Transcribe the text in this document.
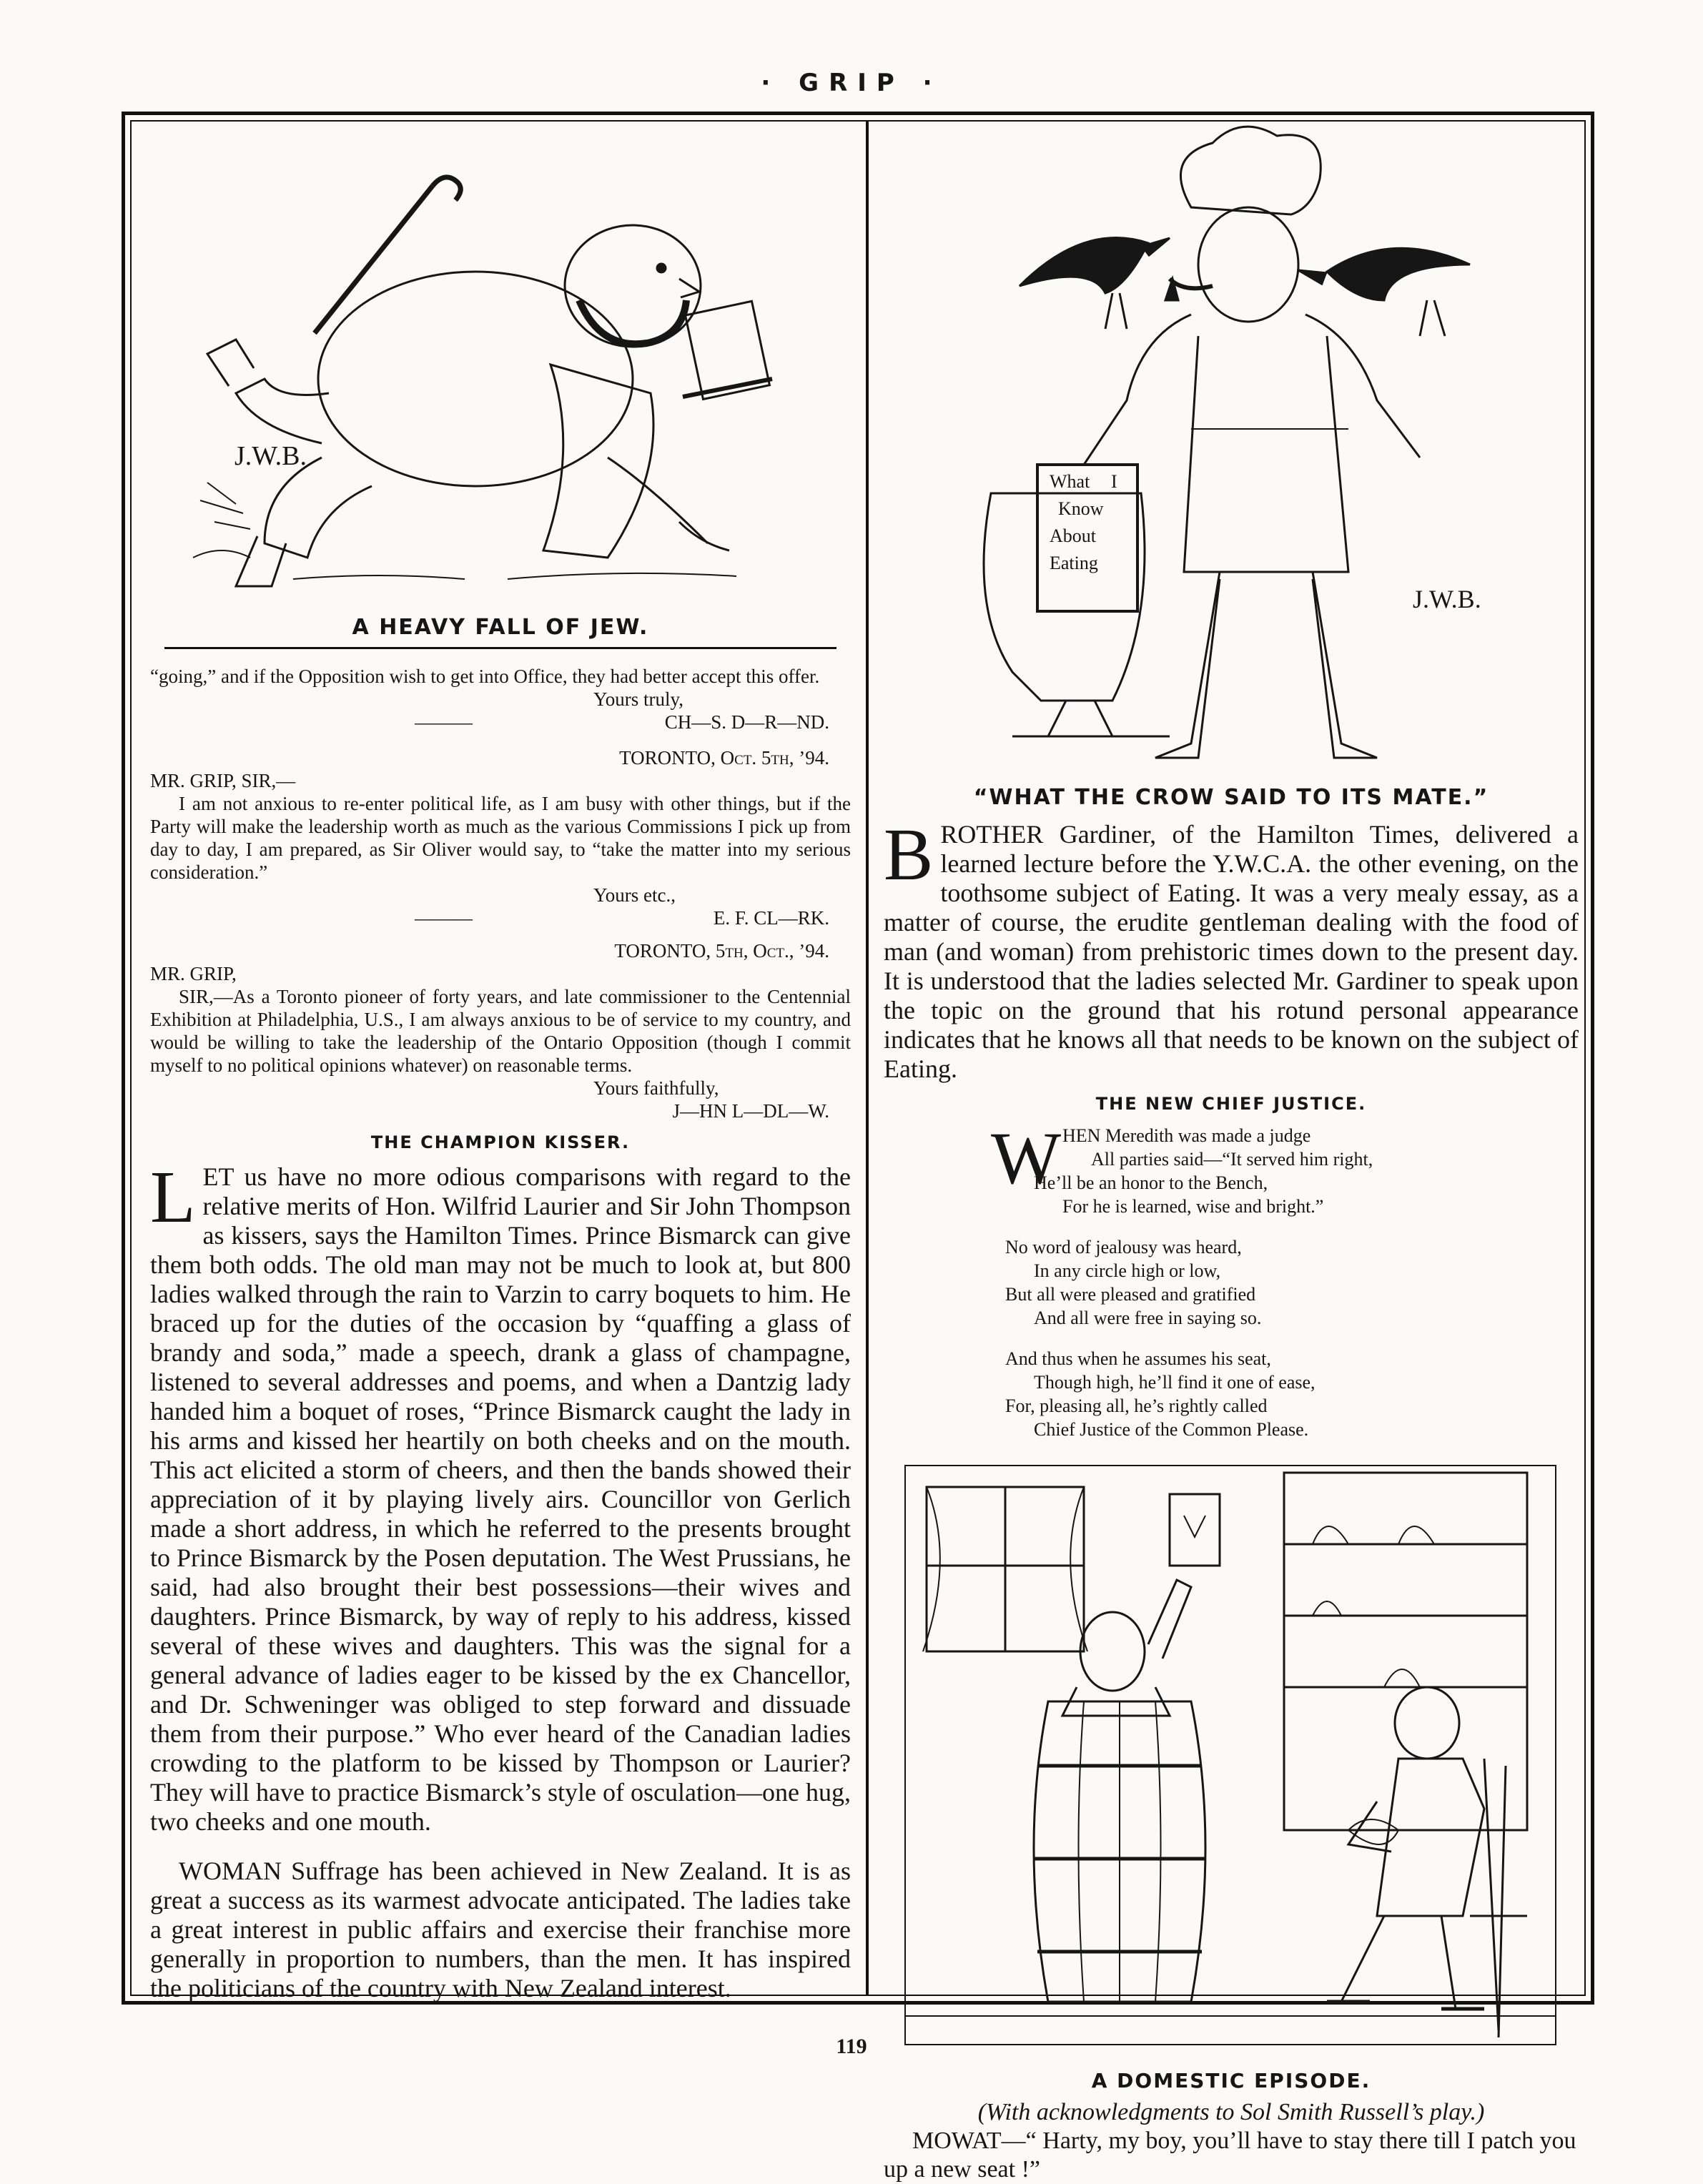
· GRIP ·
J.W.B.
A HEAVY FALL OF JEW.

“going,” and if the Opposition wish to get into Office, they had better accept this offer.

Yours truly,

———	CH—S. D—R—ND.

TORONTO, Oct. 5th, ’94.

MR. GRIP, SIR,—

I am not anxious to re-enter political life, as I am busy with other things, but if the Party will make the leadership worth as much as the various Commissions I pick up from day to day, I am prepared, as Sir Oliver would say, to “take the matter into my serious consideration.”

Yours etc.,

———	E. F. CL—RK.

TORONTO, 5th, Oct., ’94.

MR. GRIP,

SIR,—As a Toronto pioneer of forty years, and late commissioner to the Centennial Exhibition at Philadelphia, U.S., I am always anxious to be of service to my country, and would be willing to take the leadership of the Ontario Opposition (though I commit myself to no political opinions whatever) on reasonable terms.

Yours faithfully,

J—HN L—DL—W.

THE CHAMPION KISSER.
L ET us have no more odious comparisons with regard to the relative merits of Hon. Wilfrid Laurier and Sir John Thompson as kissers, says the Hamilton Times. Prince Bismarck can give them both odds. The old man may not be much to look at, but 800 ladies walked through the rain to Varzin to carry boquets to him. He braced up for the duties of the occasion by “quaffing a glass of brandy and soda,” made a speech, drank a glass of champagne, listened to several addresses and poems, and when a Dantzig lady handed him a boquet of roses, “Prince Bismarck caught the lady in his arms and kissed her heartily on both cheeks and on the mouth. This act elicited a storm of cheers, and then the bands showed their appreciation of it by playing lively airs. Councillor von Gerlich made a short address, in which he referred to the presents brought to Prince Bismarck by the Posen deputation. The West Prussians, he said, had also brought their best possessions—their wives and daughters. Prince Bismarck, by way of reply to his address, kissed several of these wives and daughters. This was the signal for a general advance of ladies eager to be kissed by the ex Chancellor, and Dr. Schweninger was obliged to step forward and dissuade them from their purpose.” Who ever heard of the Canadian ladies crowding to the platform to be kissed by Thompson or Laurier? They will have to practice Bismarck’s style of osculation—one hug, two cheeks and one mouth.

WOMAN Suffrage has been achieved in New Zealand. It is as great a success as its warmest advocate anticipated. The ladies take a great interest in public affairs and exercise their franchise more generally in proportion to numbers, than the men. It has inspired the politicians of the country with New Zealand interest.

What I
Know
About
Eating
J.W.B.
“WHAT THE CROW SAID TO ITS MATE.”
B ROTHER Gardiner, of the Hamilton Times, delivered a learned lecture before the Y.W.C.A. the other evening, on the toothsome subject of Eating. It was a very mealy essay, as a matter of course, the erudite gentleman dealing with the food of man (and woman) from prehistoric times down to the present day. It is understood that the ladies selected Mr. Gardiner to speak upon the topic on the ground that his rotund personal appearance indicates that he knows all that needs to be known on the subject of Eating.

THE NEW CHIEF JUSTICE.
W HEN Meredith was made a judge
All parties said—“It served him right,
He’ll be an honor to the Bench,
For he is learned, wise and bright.”
No word of jealousy was heard,
In any circle high or low,
But all were pleased and gratified
And all were free in saying so.
And thus when he assumes his seat,
Though high, he’ll find it one of ease,
For, pleasing all, he’s rightly called
Chief Justice of the Common Please.
A DOMESTIC EPISODE.

(With acknowledgments to Sol Smith Russell’s play.)

MOWAT—“ Harty, my boy, you’ll have to stay there till I patch you up a new seat !”

119
